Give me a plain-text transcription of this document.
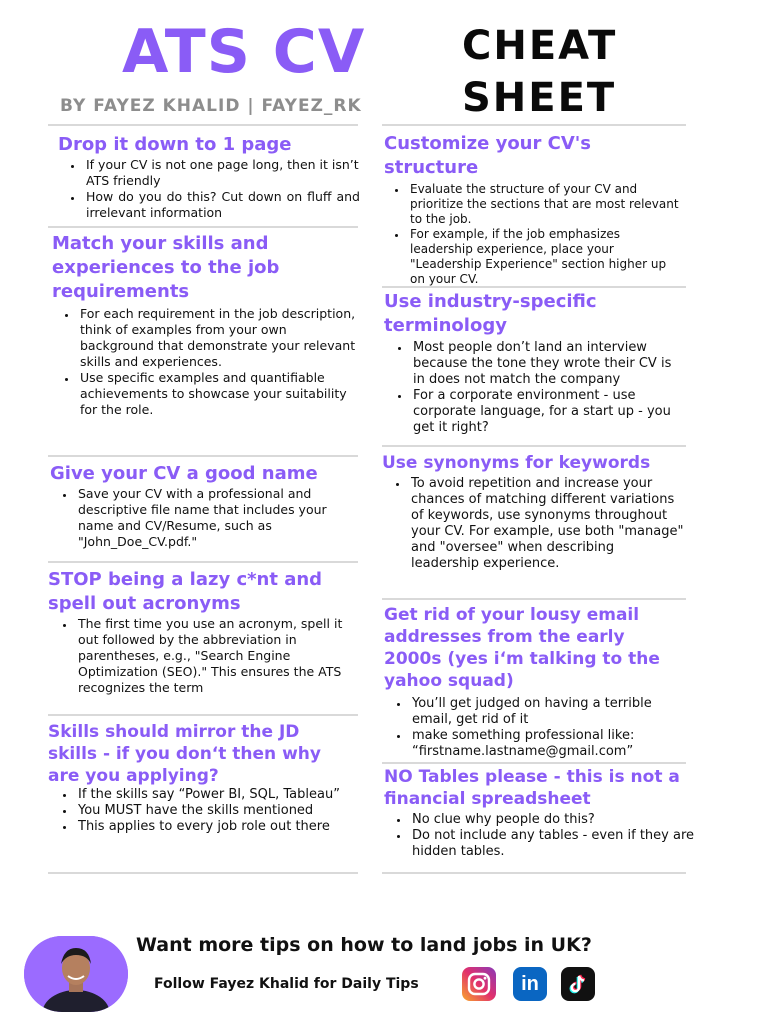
ATS CV
BY FAYEZ KHALID | FAYEZ_RK
CHEAT
SHEET
Drop it down to 1 page
• If your CV is not one page long, then it isn’t ATS friendly
• How do you do this? Cut down on fluff and irrelevant information
Match your skills and experiences to the job requirements
• For each requirement in the job description, think of examples from your own background that demonstrate your relevant skills and experiences.
• Use specific examples and quantifiable achievements to showcase your suitability for the role.
Give your CV a good name
• Save your CV with a professional and descriptive file name that includes your name and CV/Resume, such as "John_Doe_CV.pdf."
STOP being a lazy c*nt and spell out acronyms
• The first time you use an acronym, spell it out followed by the abbreviation in parentheses, e.g., "Search Engine Optimization (SEO)." This ensures the ATS recognizes the term
Skills should mirror the JD skills - if you don‘t then why are you applying?
• If the skills say “Power BI, SQL, Tableau”
• You MUST have the skills mentioned
• This applies to every job role out there
Customize your CV's structure
• Evaluate the structure of your CV and prioritize the sections that are most relevant to the job.
• For example, if the job emphasizes leadership experience, place your "Leadership Experience" section higher up on your CV.
Use industry-specific terminology
• Most people don’t land an interview because the tone they wrote their CV is in does not match the company
• For a corporate environment - use corporate language, for a start up - you get it right?
Use synonyms for keywords
• To avoid repetition and increase your chances of matching different variations of keywords, use synonyms throughout your CV. For example, use both "manage" and "oversee" when describing leadership experience.
Get rid of your lousy email addresses from the early 2000s (yes i‘m talking to the yahoo squad)
• You’ll get judged on having a terrible email, get rid of it
• make something professional like: “firstname.lastname@gmail.com”
NO Tables please - this is not a financial spreadsheet
• No clue why people do this?
• Do not include any tables - even if they are hidden tables.
Want more tips on how to land jobs in UK?
Follow Fayez Khalid for Daily Tips	in
